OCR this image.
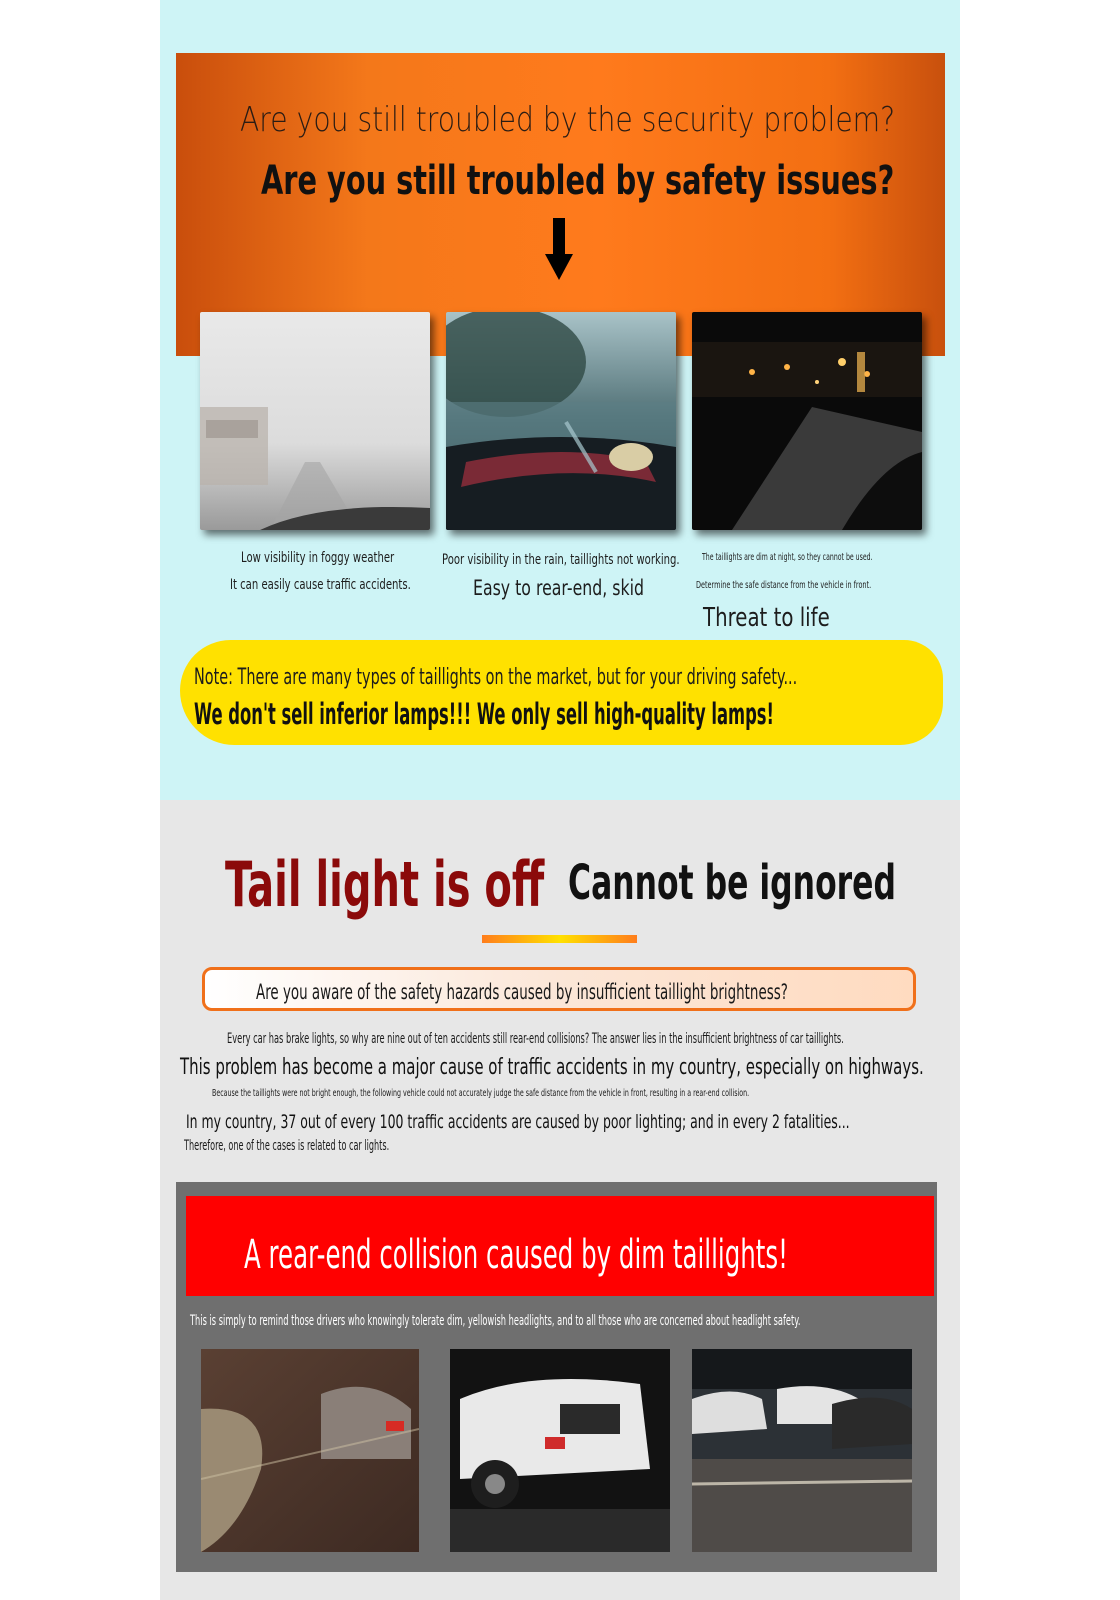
Are you still troubled by the security problem?
Are you still troubled by safety issues?
Low visibility in foggy weather
It can easily cause traffic accidents.
Poor visibility in the rain, taillights not working.
Easy to rear-end, skid
The taillights are dim at night, so they cannot be used.
Determine the safe distance from the vehicle in front.
Threat to life
Note: There are many types of taillights on the market, but for your driving safety...
We don't sell inferior lamps!!! We only sell high-quality lamps!
Tail light is off Cannot be ignored
Are you aware of the safety hazards caused by insufficient taillight brightness?
Every car has brake lights, so why are nine out of ten accidents still rear-end collisions? The answer lies in the insufficient brightness of car taillights.
This problem has become a major cause of traffic accidents in my country, especially on highways.
Because the taillights were not bright enough, the following vehicle could not accurately judge the safe distance from the vehicle in front, resulting in a rear-end collision.
In my country, 37 out of every 100 traffic accidents are caused by poor lighting; and in every 2 fatalities...
Therefore, one of the cases is related to car lights.
A rear-end collision caused by dim taillights!
This is simply to remind those drivers who knowingly tolerate dim, yellowish headlights, and to all those who are concerned about headlight safety.
